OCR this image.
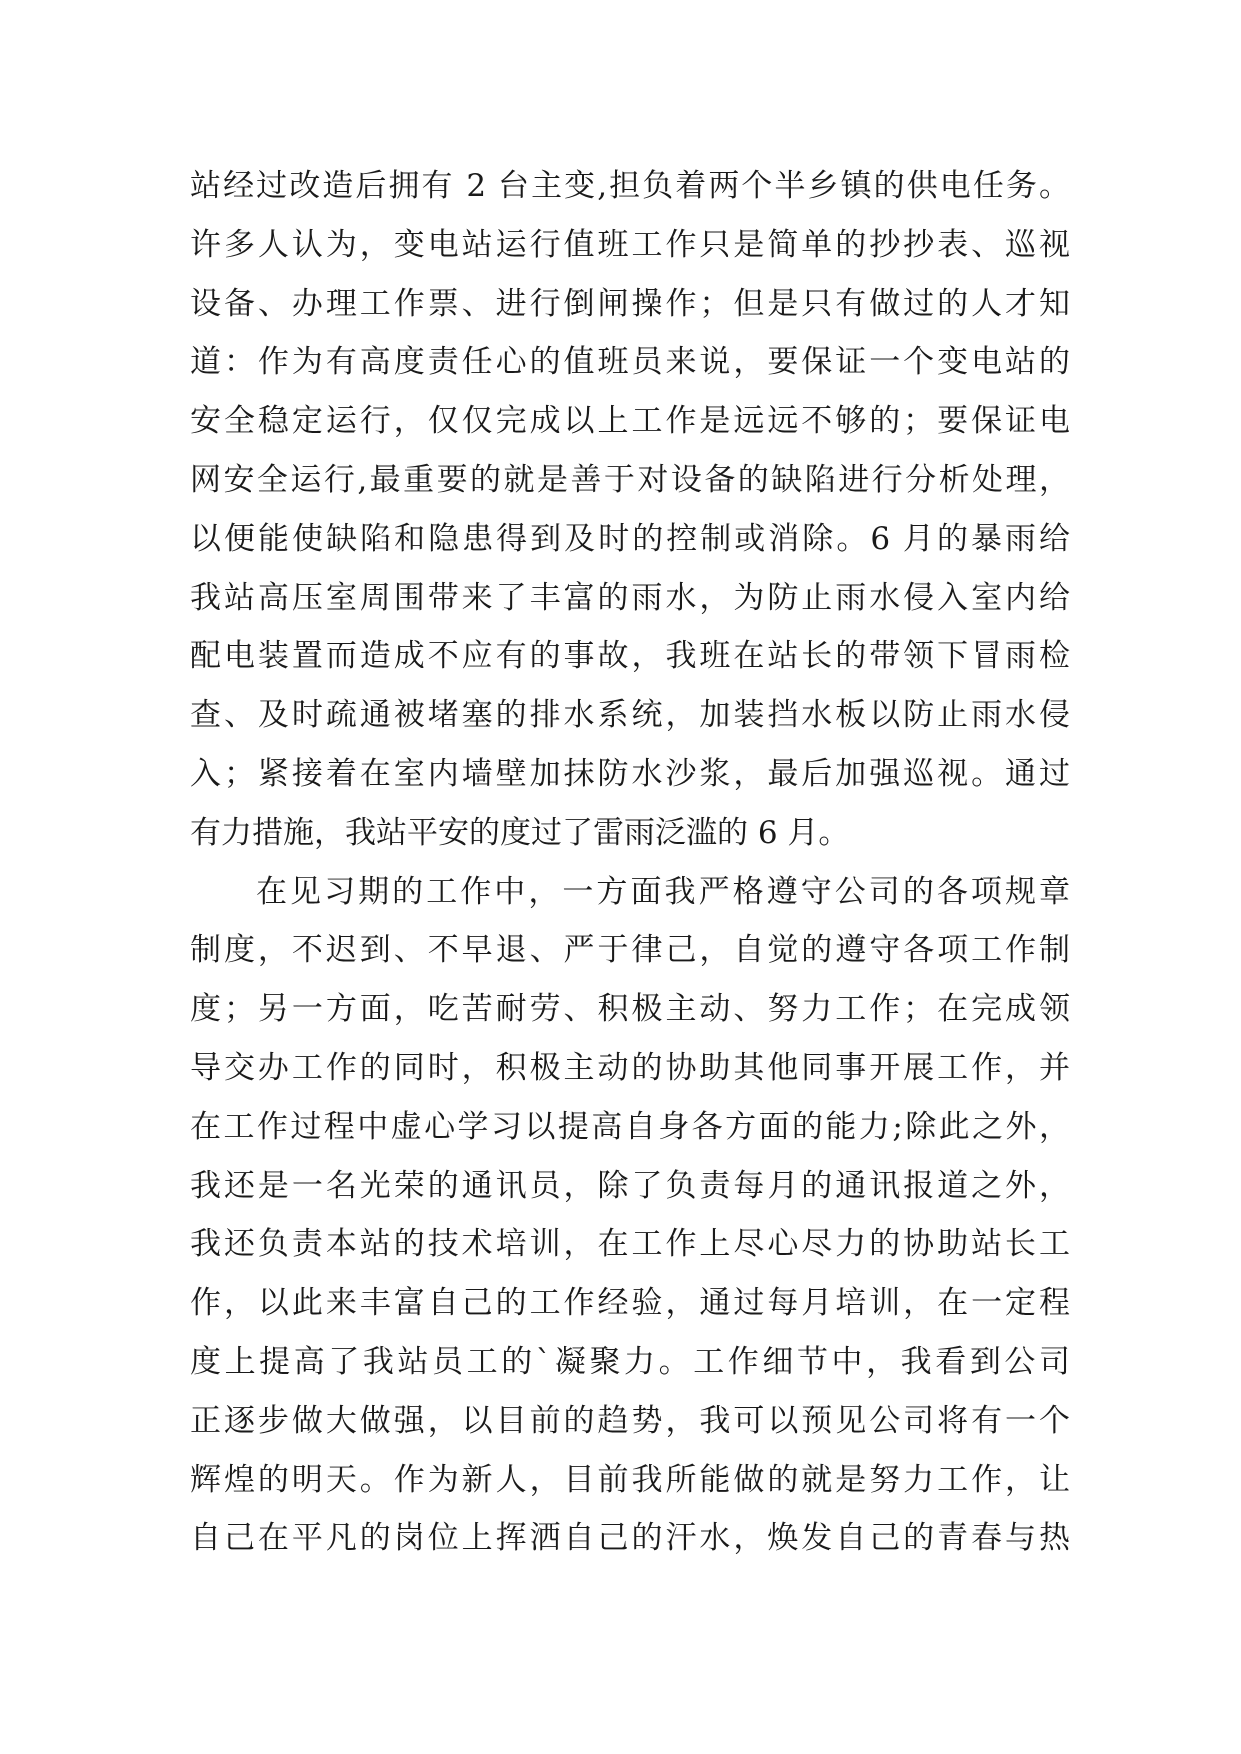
站经过改造后拥有 2 台主变,担负着两个半乡镇的供电任务。
许多人认为，变电站运行值班工作只是简单的抄抄表、巡视
设备、办理工作票、进行倒闸操作；但是只有做过的人才知
道：作为有高度责任心的值班员来说，要保证一个变电站的
安全稳定运行，仅仅完成以上工作是远远不够的；要保证电
网安全运行,最重要的就是善于对设备的缺陷进行分析处理，
以便能使缺陷和隐患得到及时的控制或消除。6 月的暴雨给
我站高压室周围带来了丰富的雨水，为防止雨水侵入室内给
配电装置而造成不应有的事故，我班在站长的带领下冒雨检
查、及时疏通被堵塞的排水系统，加装挡水板以防止雨水侵
入；紧接着在室内墙壁加抹防水沙浆，最后加强巡视。通过
有力措施，我站平安的度过了雷雨泛滥的 6 月。
在见习期的工作中，一方面我严格遵守公司的各项规章
制度，不迟到、不早退、严于律己，自觉的遵守各项工作制
度；另一方面，吃苦耐劳、积极主动、努力工作；在完成领
导交办工作的同时，积极主动的协助其他同事开展工作，并
在工作过程中虚心学习以提高自身各方面的能力;除此之外，
我还是一名光荣的通讯员，除了负责每月的通讯报道之外，
我还负责本站的技术培训，在工作上尽心尽力的协助站长工
作，以此来丰富自己的工作经验，通过每月培训，在一定程
度上提高了我站员工的`凝聚力。工作细节中，我看到公司
正逐步做大做强，以目前的趋势，我可以预见公司将有一个
辉煌的明天。作为新人，目前我所能做的就是努力工作，让
自己在平凡的岗位上挥洒自己的汗水，焕发自己的青春与热
